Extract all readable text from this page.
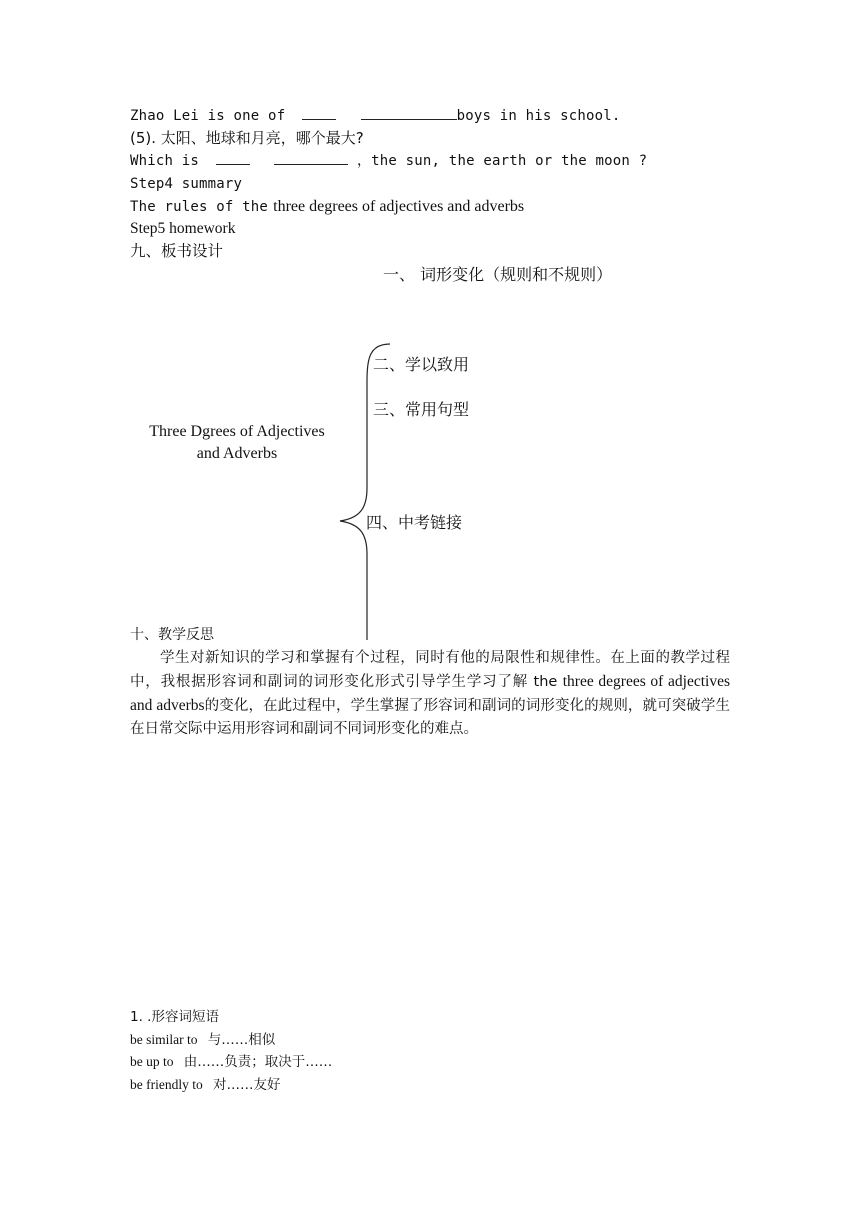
Zhao Lei is one of	boys in his school.
(5). 太阳、地球和月亮，哪个最大?
Which is	，the sun, the earth or the moon ?
Step4 summary
The rules of the three degrees of adjectives and adverbs
Step5 homework
九、板书设计
一、 词形变化（规则和不规则）
二、学以致用
三、常用句型
Three Dgrees of Adjectives
and Adverbs
四、中考链接
十、教学反思
学生对新知识的学习和掌握有个过程，同时有他的局限性和规律性。在上面的教学过程中，我根据形容词和副词的词形变化形式引导学生学习了解 the three degrees of adjectives and adverbs的变化，在此过程中，学生掌握了形容词和副词的词形变化的规则，就可突破学生在日常交际中运用形容词和副词不同词形变化的难点。
1. .形容词短语
be similar to 与……相似
be up to 由……负责；取决于……
be friendly to 对……友好
